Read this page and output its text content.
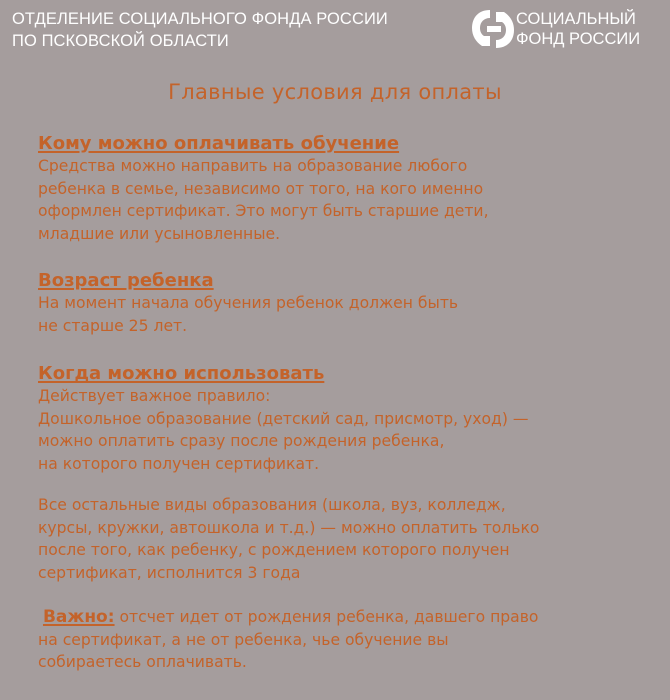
ОТДЕЛЕНИЕ СОЦИАЛЬНОГО ФОНДА РОССИИ
ПО ПСКОВСКОЙ ОБЛАСТИ
СОЦИАЛЬНЫЙ
ФОНД РОССИИ
Главные условия для оплаты
Кому можно оплачивать обучение
Средства можно направить на образование любого
ребенка в семье, независимо от того, на кого именно
оформлен сертификат. Это могут быть старшие дети,
младшие или усыновленные.
Возраст ребенка
На момент начала обучения ребенок должен быть
не старше 25 лет.
Когда можно использовать
Действует важное правило:
Дошкольное образование (детский сад, присмотр, уход) —
можно оплатить сразу после рождения ребенка,
на которого получен сертификат.
Все остальные виды образования (школа, вуз, колледж,
курсы, кружки, автошкола и т.д.) — можно оплатить только
после того, как ребенку, с рождением которого получен
сертификат, исполнится 3 года
Важно: отсчет идет от рождения ребенка, давшего право
на сертификат, а не от ребенка, чье обучение вы
собираетесь оплачивать.
